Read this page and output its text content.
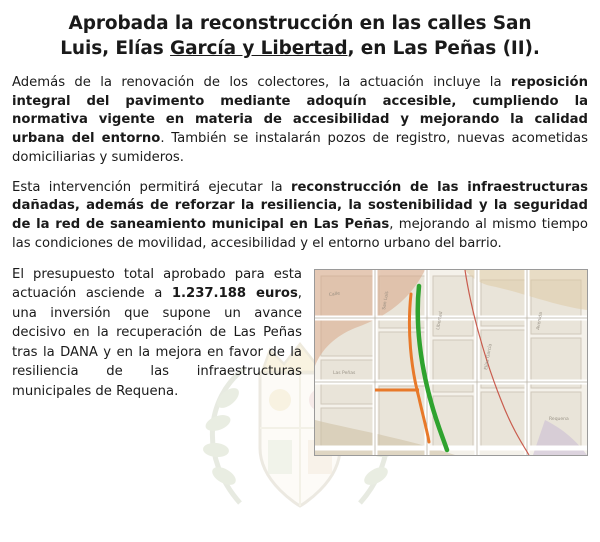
Aprobada la reconstrucción en las calles San
Luis, Elías García y Libertad, en Las Peñas (II).

Además de la renovación de los colectores, la actuación incluye la reposición integral del pavimento mediante adoquín accesible, cumpliendo la normativa vigente en materia de accesibilidad y mejorando la calidad urbana del entorno. También se instalarán pozos de registro, nuevas acometidas domiciliarias y sumideros.

Esta intervención permitirá ejecutar la reconstrucción de las infraestructuras dañadas, además de reforzar la resiliencia, la sostenibilidad y la seguridad de la red de saneamiento municipal en Las Peñas, mejorando al mismo tiempo las condiciones de movilidad, accesibilidad y el entorno urbano del barrio.

Calle	San Luis
Libertad
Elías García
Avenida
Las Peñas
Requena

El presupuesto total aprobado para esta actuación asciende a 1.237.188 euros, una inversión que supone un avance decisivo en la recuperación de Las Peñas tras la DANA y en la mejora en favor de la resiliencia de las infraestructuras municipales de Requena.
